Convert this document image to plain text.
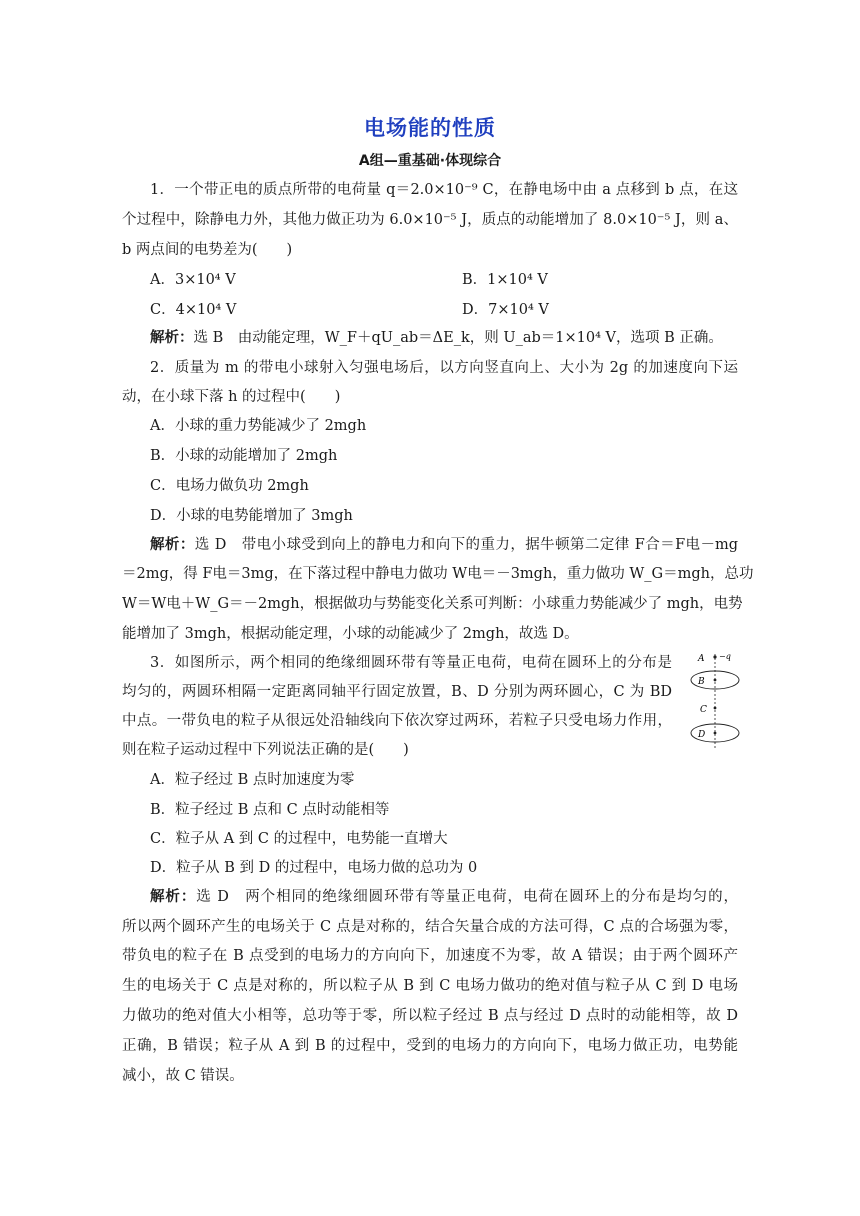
电场能的性质
A组—重基础·体现综合
1．一个带正电的质点所带的电荷量 q＝2.0×10⁻⁹ C，在静电场中由 a 点移到 b 点，在这
个过程中，除静电力外，其他力做正功为 6.0×10⁻⁵ J，质点的动能增加了 8.0×10⁻⁵ J，则 a、
b 两点间的电势差为(　　)
A．3×10⁴ V	B．1×10⁴ V
C．4×10⁴ V	D．7×10⁴ V
解析：选 B　由动能定理，W_F＋qU_ab＝ΔE_k，则 U_ab＝1×10⁴ V，选项 B 正确。
2．质量为 m 的带电小球射入匀强电场后，以方向竖直向上、大小为 2g 的加速度向下运
动，在小球下落 h 的过程中(　　)
A．小球的重力势能减少了 2mgh
B．小球的动能增加了 2mgh
C．电场力做负功 2mgh
D．小球的电势能增加了 3mgh
解析：选 D　带电小球受到向上的静电力和向下的重力，据牛顿第二定律 F合＝F电－mg
＝2mg，得 F电＝3mg，在下落过程中静电力做功 W电＝－3mgh，重力做功 W_G＝mgh，总功
W＝W电＋W_G＝－2mgh，根据做功与势能变化关系可判断：小球重力势能减少了 mgh，电势
能增加了 3mgh，根据动能定理，小球的动能减少了 2mgh，故选 D。
3．如图所示，两个相同的绝缘细圆环带有等量正电荷，电荷在圆环上的分布是
均匀的，两圆环相隔一定距离同轴平行固定放置，B、D 分别为两环圆心，C 为 BD
中点。一带负电的粒子从很远处沿轴线向下依次穿过两环，若粒子只受电场力作用，
则在粒子运动过程中下列说法正确的是(　　)
A −q
B
C
D
A．粒子经过 B 点时加速度为零
B．粒子经过 B 点和 C 点时动能相等
C．粒子从 A 到 C 的过程中，电势能一直增大
D．粒子从 B 到 D 的过程中，电场力做的总功为 0
解析：选 D　两个相同的绝缘细圆环带有等量正电荷，电荷在圆环上的分布是均匀的，
所以两个圆环产生的电场关于 C 点是对称的，结合矢量合成的方法可得，C 点的合场强为零，
带负电的粒子在 B 点受到的电场力的方向向下，加速度不为零，故 A 错误；由于两个圆环产
生的电场关于 C 点是对称的，所以粒子从 B 到 C 电场力做功的绝对值与粒子从 C 到 D 电场
力做功的绝对值大小相等，总功等于零，所以粒子经过 B 点与经过 D 点时的动能相等，故 D
正确，B 错误；粒子从 A 到 B 的过程中，受到的电场力的方向向下，电场力做正功，电势能
减小，故 C 错误。
